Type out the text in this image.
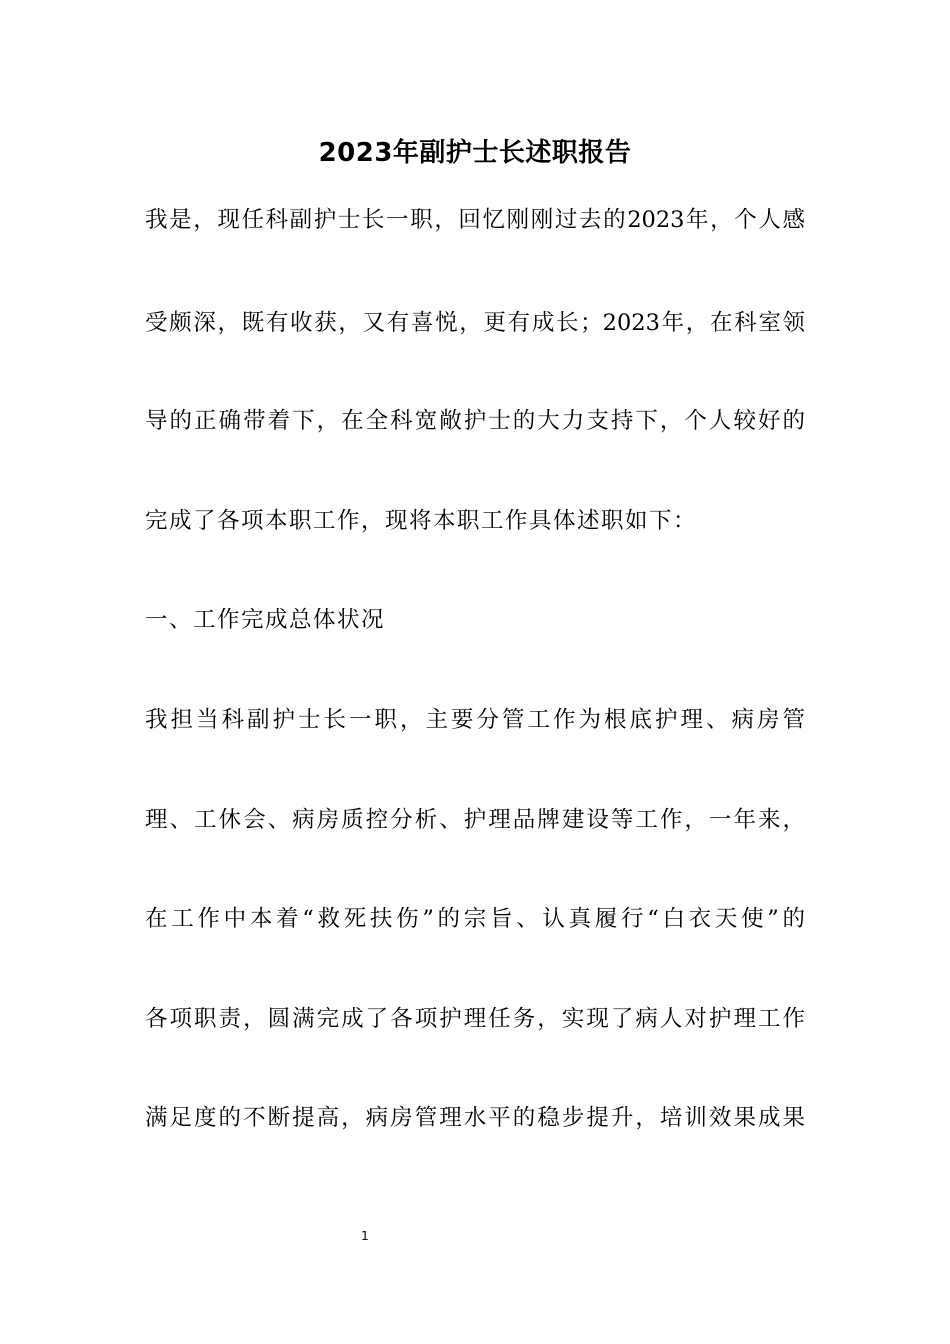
2023年副护士长述职报告
我是，现任科副护士长一职，回忆刚刚过去的2023年，个人感
受颇深，既有收获，又有喜悦，更有成长；2023年，在科室领
导的正确带着下，在全科宽敞护士的大力支持下，个人较好的
完成了各项本职工作，现将本职工作具体述职如下：
一、工作完成总体状况
我担当科副护士长一职，主要分管工作为根底护理、病房管
理、工休会、病房质控分析、护理品牌建设等工作，一年来，
在工作中本着“救死扶伤”的宗旨、认真履行“白衣天使”的
各项职责，圆满完成了各项护理任务，实现了病人对护理工作
满足度的不断提高，病房管理水平的稳步提升，培训效果成果
1
